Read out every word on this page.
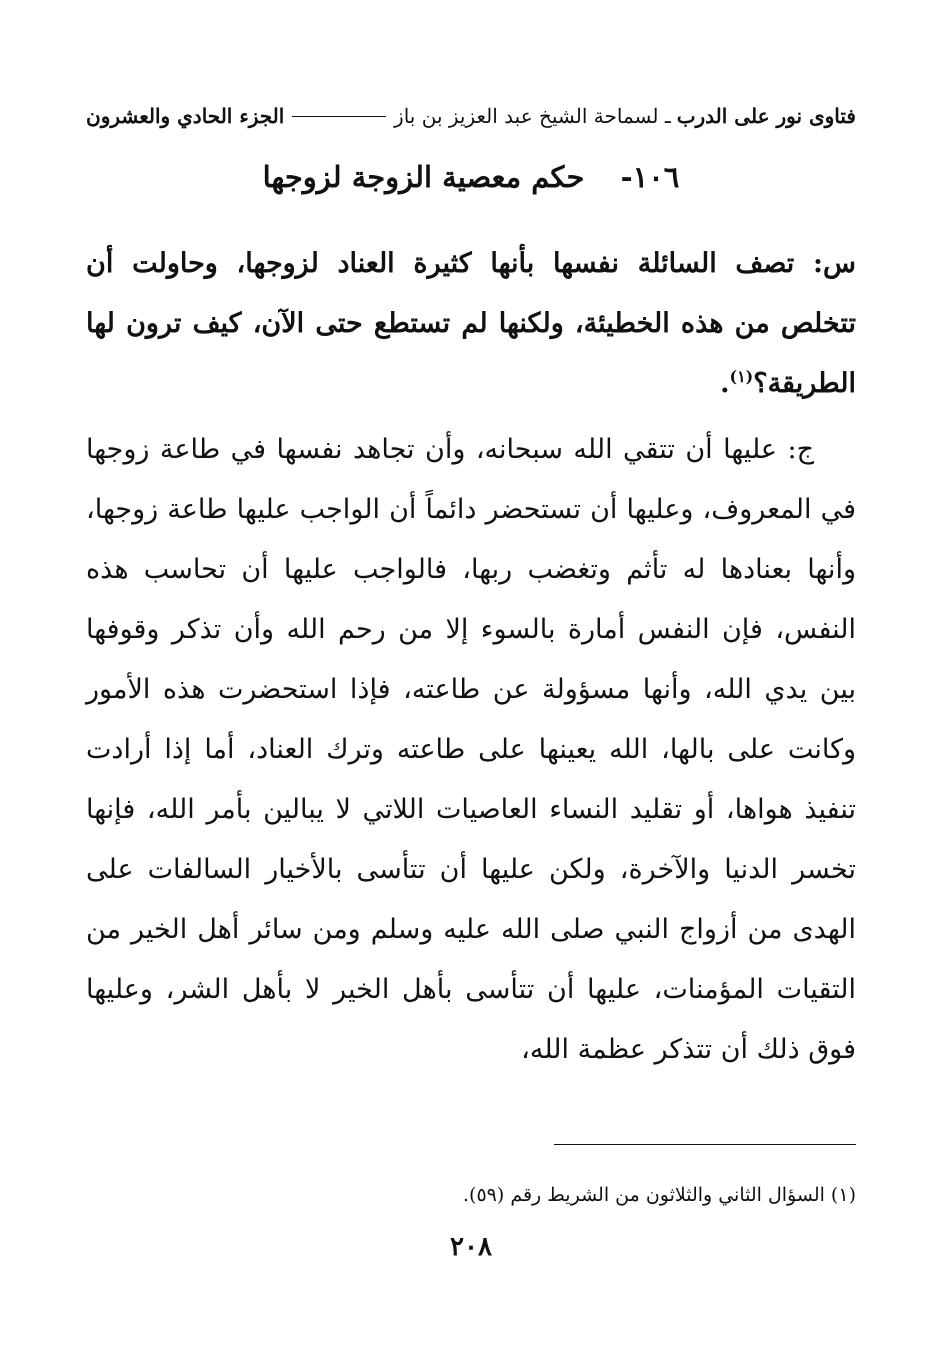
فتاوى نور على الدرب
ـ لسماحة الشيخ عبد العزيز بن باز
الجزء الحادي والعشرون
١٠٦- حكم معصية الزوجة لزوجها

س: تصف السائلة نفسها بأنها كثيرة العناد لزوجها، وحاولت أن تتخلص من هذه الخطيئة، ولكنها لم تستطع حتى الآن، كيف ترون لها الطريقة؟$^{(١)}$.

ج: عليها أن تتقي الله سبحانه، وأن تجاهد نفسها في طاعة زوجها في المعروف، وعليها أن تستحضر دائماً أن الواجب عليها طاعة زوجها، وأنها بعنادها له تأثم وتغضب ربها، فالواجب عليها أن تحاسب هذه النفس، فإن النفس أمارة بالسوء إلا من رحم الله وأن تذكر وقوفها بين يدي الله، وأنها مسؤولة عن طاعته، فإذا استحضرت هذه الأمور وكانت على بالها، الله يعينها على طاعته وترك العناد، أما إذا أرادت تنفيذ هواها، أو تقليد النساء العاصيات اللاتي لا يبالين بأمر الله، فإنها تخسر الدنيا والآخرة، ولكن عليها أن تتأسى بالأخيار السالفات على الهدى من أزواج النبي صلى الله عليه وسلم ومن سائر أهل الخير من التقيات المؤمنات، عليها أن تتأسى بأهل الخير لا بأهل الشر، وعليها فوق ذلك أن تتذكر عظمة الله،

(١) السؤال الثاني والثلاثون من الشريط رقم (٥٩).
٢٠٨
